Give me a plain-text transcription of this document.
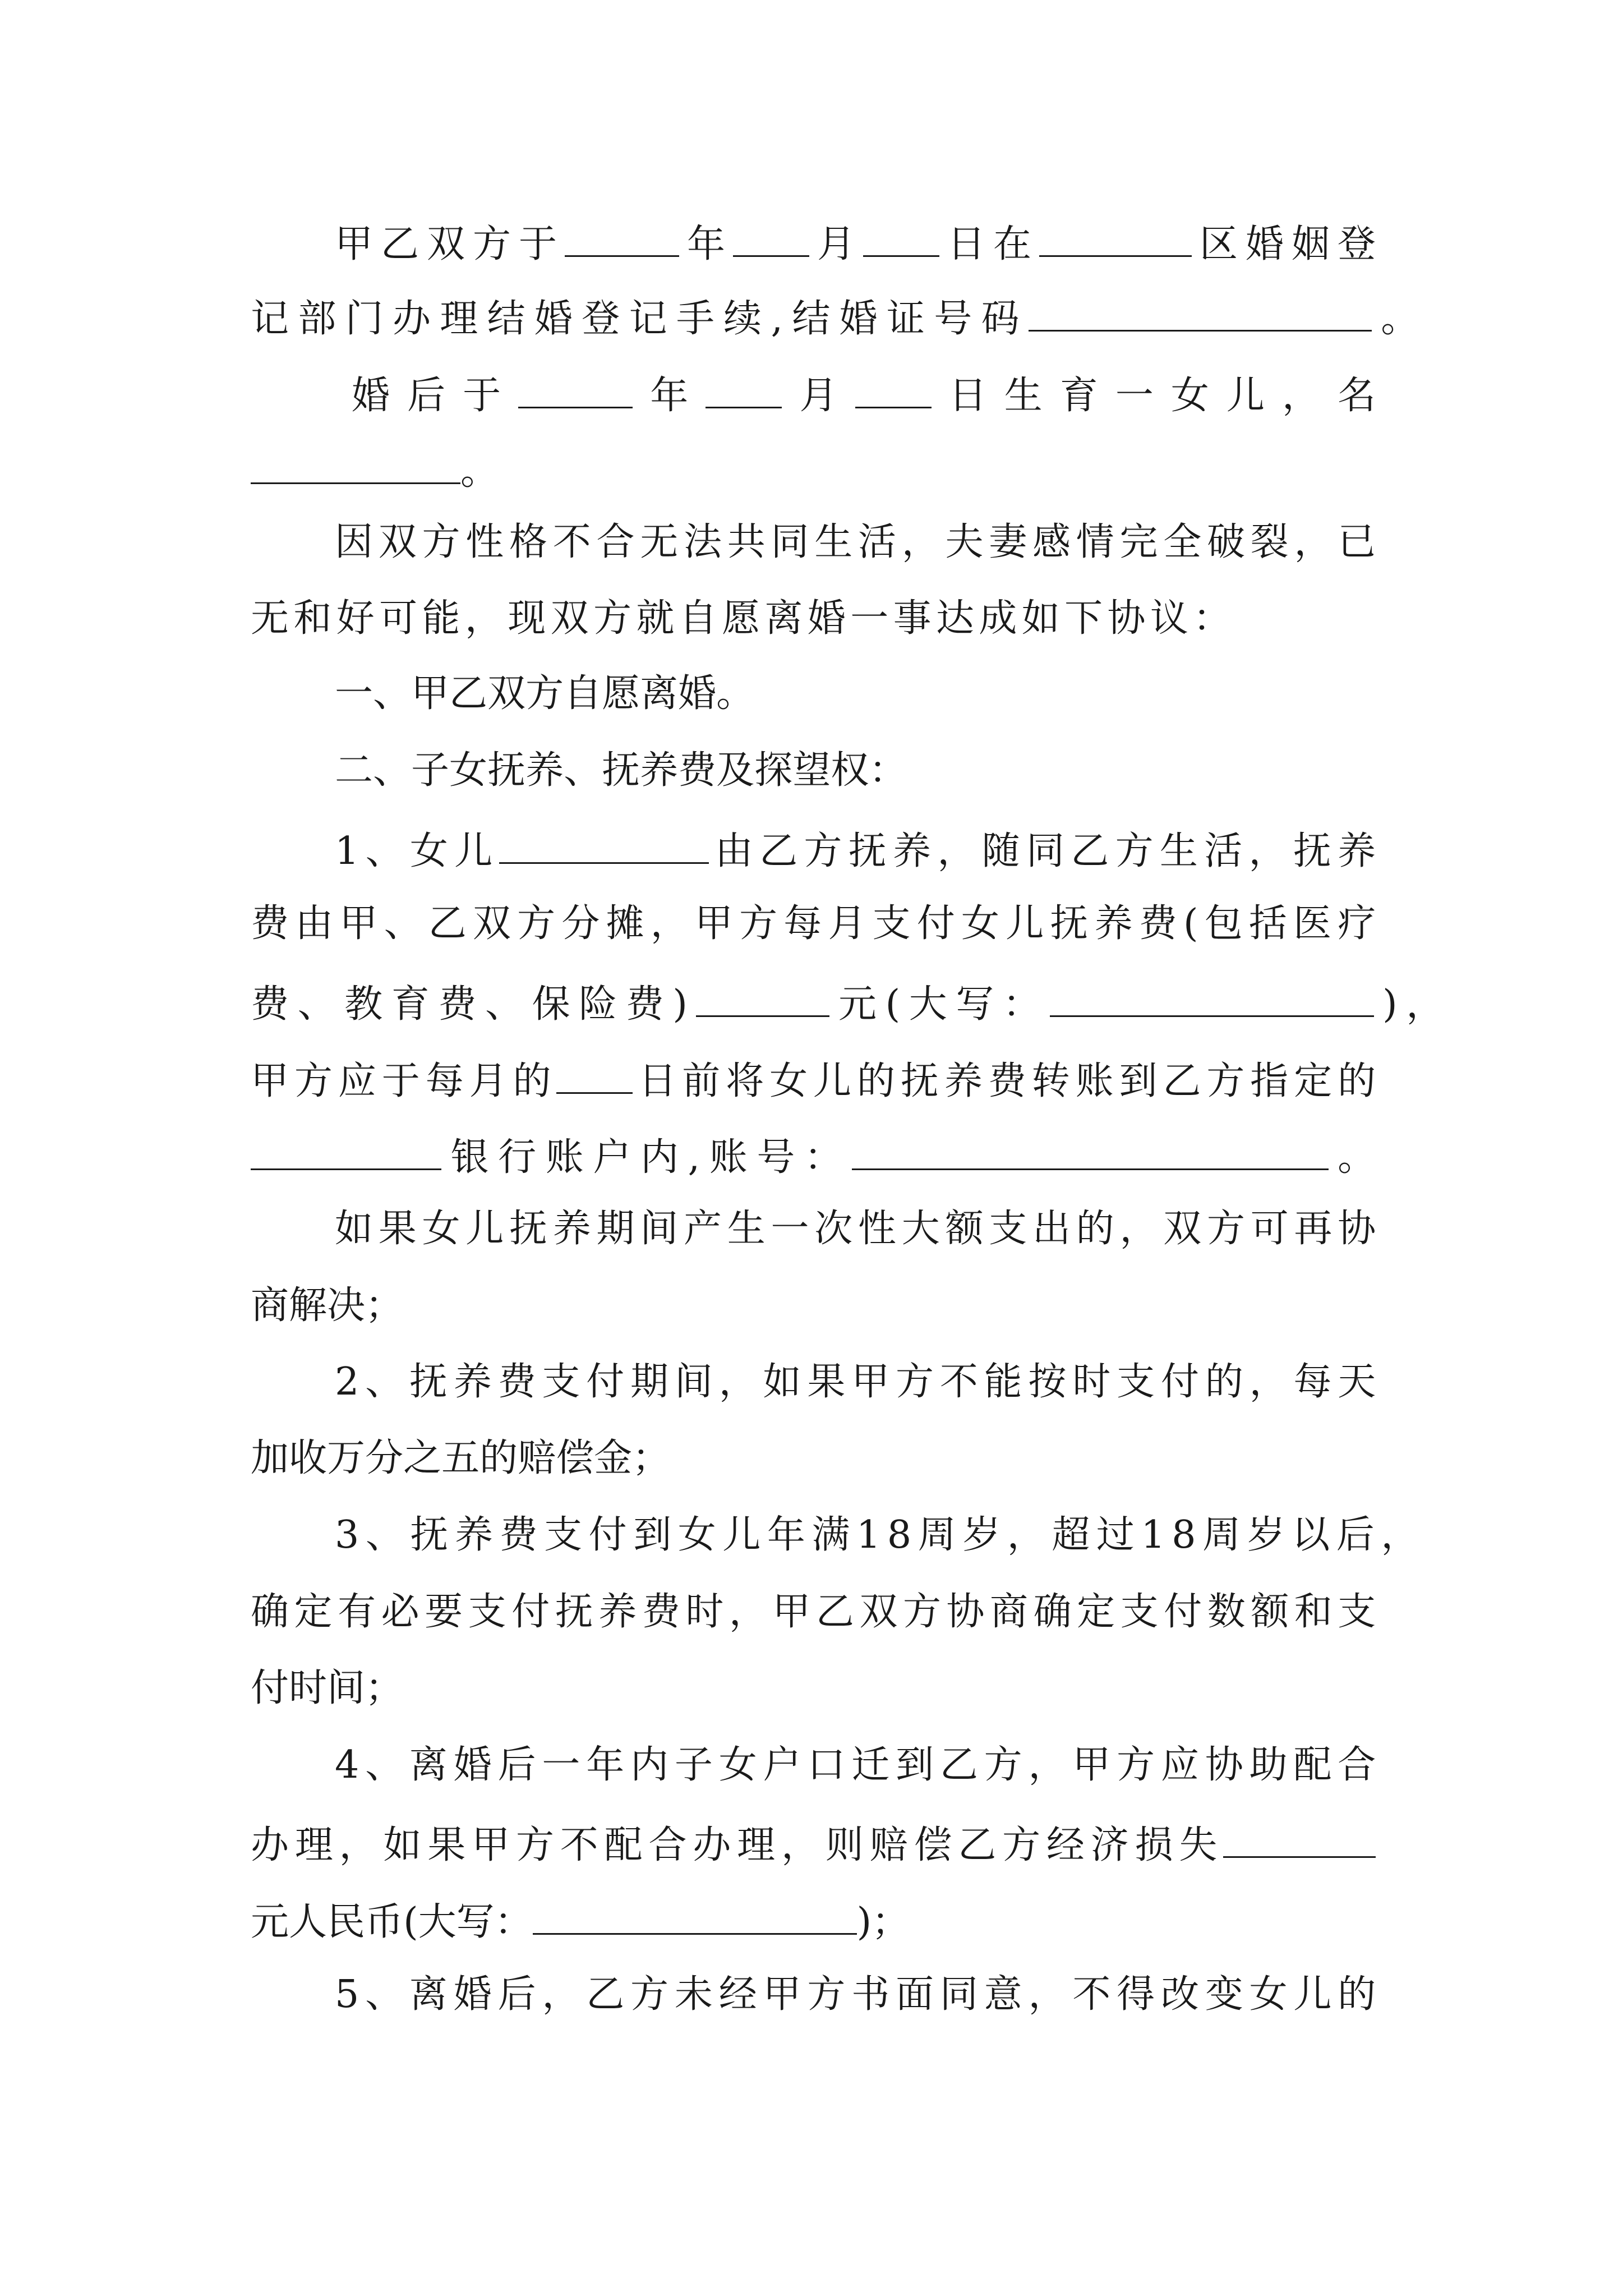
甲 乙 双 方 于	年 月 日 在	区 婚 姻 登
记 部 门 办 理 结 婚 登 记 手 续 , 结 婚 证 号 码	。
婚 后 于	年	月	日 生 育 一 女 儿 ， 名
。
因 双 方 性 格 不 合 无 法 共 同 生 活 ， 夫 妻 感 情 完 全 破 裂 ， 已
无 和 好 可 能 ， 现 双 方 就 自 愿 离 婚 一 事 达 成 如 下 协 议 ：
一、甲乙双方自愿离婚。
二、子女抚养、抚养费及探望权：
1 、 女 儿	由 乙 方 抚 养 ， 随 同 乙 方 生 活 ， 抚 养
费 由 甲 、 乙 双 方 分 摊 ， 甲 方 每 月 支 付 女 儿 抚 养 费 ( 包 括 医 疗
费 、 教 育 费 、 保 险 费 )	元 ( 大 写 ：	) ，
甲 方 应 于 每 月 的 日 前 将 女 儿 的 抚 养 费 转 账 到 乙 方 指 定 的
银 行 账 户 内 , 账 号 ：	。
如 果 女 儿 抚 养 期 间 产 生 一 次 性 大 额 支 出 的 ， 双 方 可 再 协
商解决；
2 、 抚 养 费 支 付 期 间 ， 如 果 甲 方 不 能 按 时 支 付 的 ， 每 天
加收万分之五的赔偿金；
3 、 抚 养 费 支 付 到 女 儿 年 满 1 8 周 岁 ， 超 过 1 8 周 岁 以 后 ，
确 定 有 必 要 支 付 抚 养 费 时 ， 甲 乙 双 方 协 商 确 定 支 付 数 额 和 支
付时间；
4 、 离 婚 后 一 年 内 子 女 户 口 迁 到 乙 方 ， 甲 方 应 协 助 配 合
办 理 ， 如 果 甲 方 不 配 合 办 理 ， 则 赔 偿 乙 方 经 济 损 失
元人民币(大写：	)；
5 、 离 婚 后 ， 乙 方 未 经 甲 方 书 面 同 意 ， 不 得 改 变 女 儿 的
